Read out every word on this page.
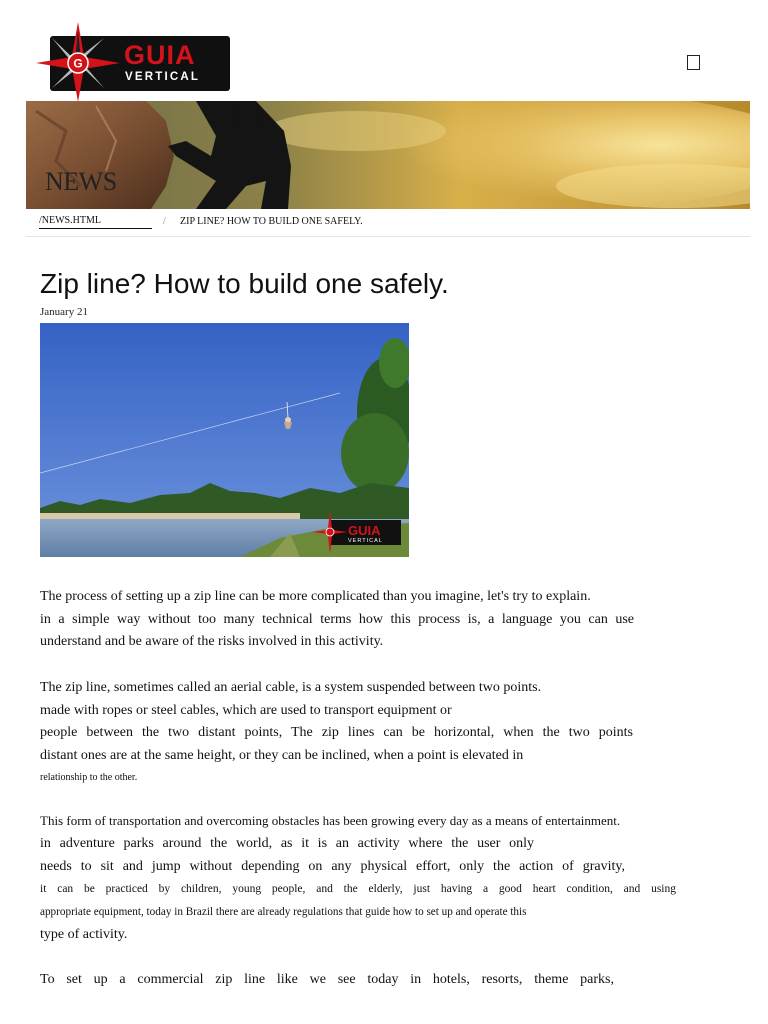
G GUIA
VERTICAL
NEWS
/NEWS.HTML	/ ZIP LINE? HOW TO BUILD ONE SAFELY.
Zip line? How to build one safely.
January 21
GUIA
VERTICAL

The process of setting up a zip line can be more complicated than you imagine, let's try to explain.
in a simple way without too many technical terms how this process is, a language you can use
understand and be aware of the risks involved in this activity.

The zip line, sometimes called an aerial cable, is a system suspended between two points.
made with ropes or steel cables, which are used to transport equipment or
people between the two distant points, The zip lines can be horizontal, when the two points
distant ones are at the same height, or they can be inclined, when a point is elevated in
relationship to the other.

This form of transportation and overcoming obstacles has been growing every day as a means of entertainment.
in adventure parks around the world, as it is an activity where the user only
needs to sit and jump without depending on any physical effort, only the action of gravity,
it can be practiced by children, young people, and the elderly, just having a good heart condition, and using
appropriate equipment, today in Brazil there are already regulations that guide how to set up and operate this
type of activity.

To set up a commercial zip line like we see today in hotels, resorts, theme parks,
